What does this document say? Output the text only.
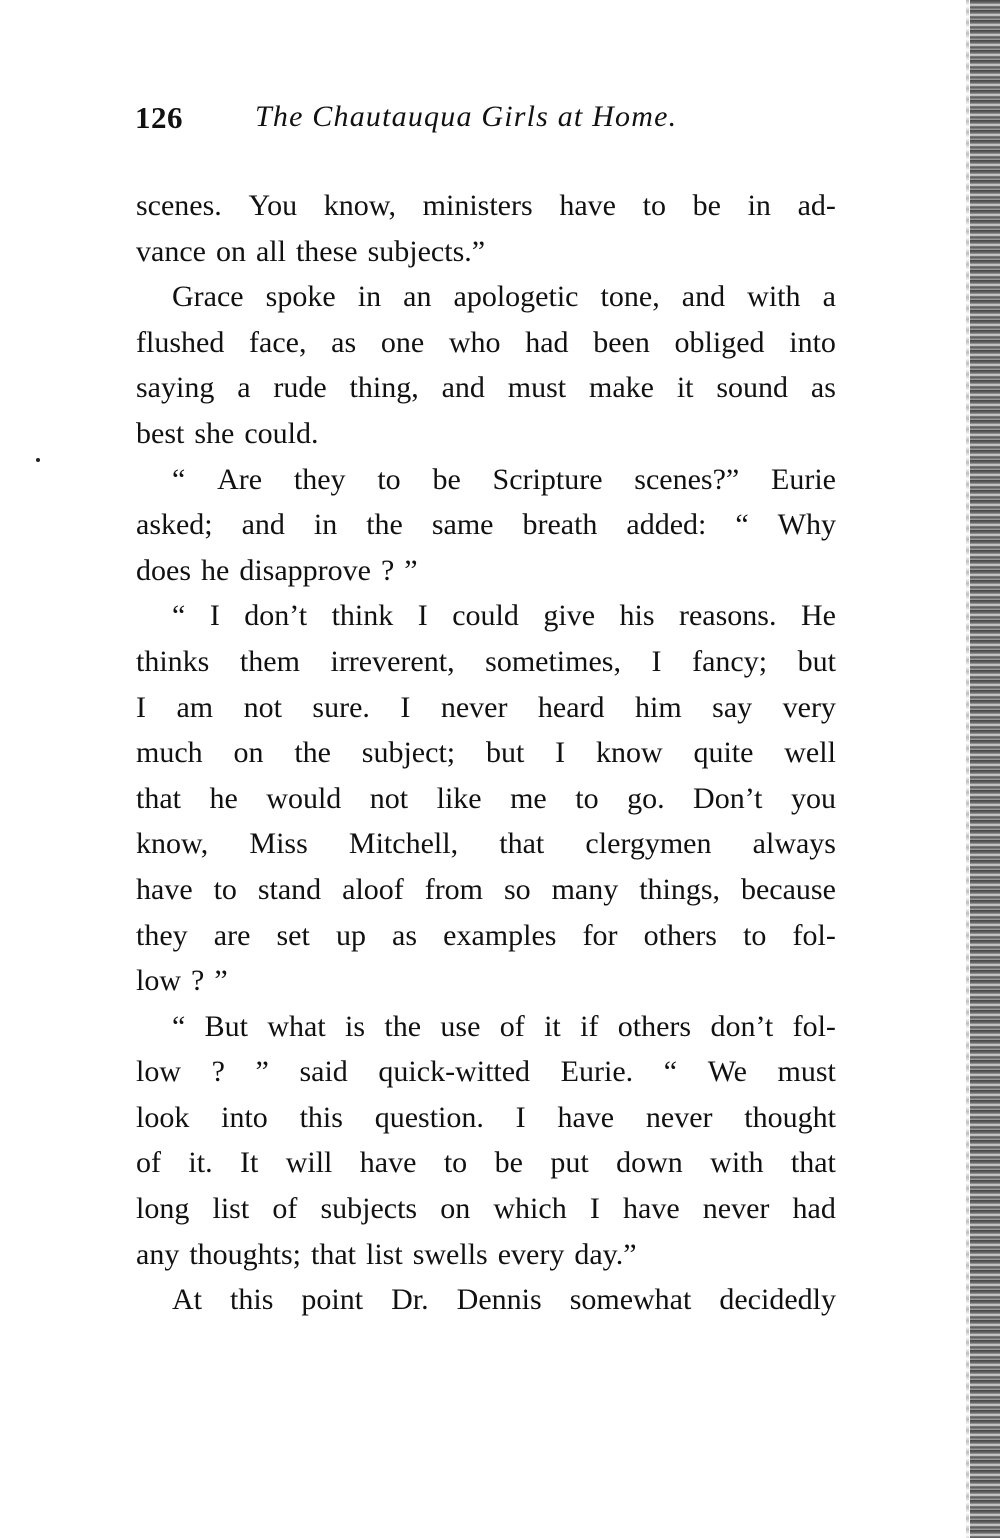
126 The Chautauqua Girls at Home.
scenes. You know, ministers have to be in ad-
vance on all these subjects.”
Grace spoke in an apologetic tone, and with a
flushed face, as one who had been obliged into
saying a rude thing, and must make it sound as
best she could.
“ Are they to be Scripture scenes?” Eurie
asked; and in the same breath added: “ Why
does he disapprove ? ”
“ I don’t think I could give his reasons. He
thinks them irreverent, sometimes, I fancy; but
I am not sure. I never heard him say very
much on the subject; but I know quite well
that he would not like me to go. Don’t you
know, Miss Mitchell, that clergymen always
have to stand aloof from so many things, because
they are set up as examples for others to fol-
low ? ”
“ But what is the use of it if others don’t fol-
low ? ” said quick-witted Eurie. “ We must
look into this question. I have never thought
of it. It will have to be put down with that
long list of subjects on which I have never had
any thoughts; that list swells every day.”
At this point Dr. Dennis somewhat decidedly
